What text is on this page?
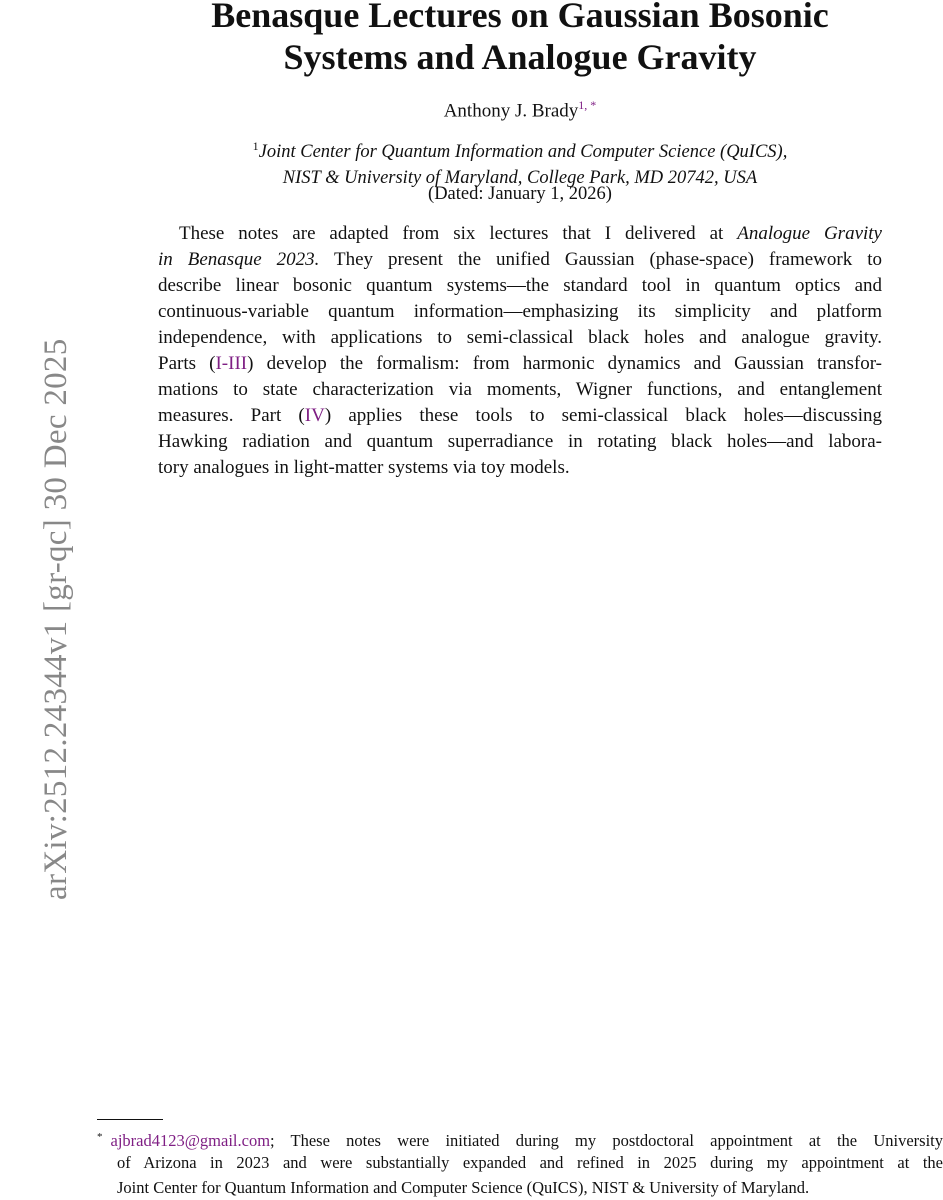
arXiv:2512.24344v1 [gr-qc] 30 Dec 2025
Benasque Lectures on Gaussian Bosonic
Systems and Analogue Gravity
Anthony J. Brady$^{1, *}$
$^1$Joint Center for Quantum Information and Computer Science (QuICS),
NIST & University of Maryland, College Park, MD 20742, USA
(Dated: January 1, 2026)
These notes are adapted from six lectures that I delivered at Analogue Gravity
in Benasque 2023. They present the unified Gaussian (phase-space) framework to
describe linear bosonic quantum systems—the standard tool in quantum optics and
continuous-variable quantum information—emphasizing its simplicity and platform
independence, with applications to semi-classical black holes and analogue gravity.
Parts (I-III) develop the formalism: from harmonic dynamics and Gaussian transfor-
mations to state characterization via moments, Wigner functions, and entanglement
measures. Part (IV) applies these tools to semi-classical black holes—discussing
Hawking radiation and quantum superradiance in rotating black holes—and labora-
tory analogues in light-matter systems via toy models.
* ajbrad4123@gmail.com; These notes were initiated during my postdoctoral appointment at the University
of Arizona in 2023 and were substantially expanded and refined in 2025 during my appointment at the
Joint Center for Quantum Information and Computer Science (QuICS), NIST & University of Maryland.
